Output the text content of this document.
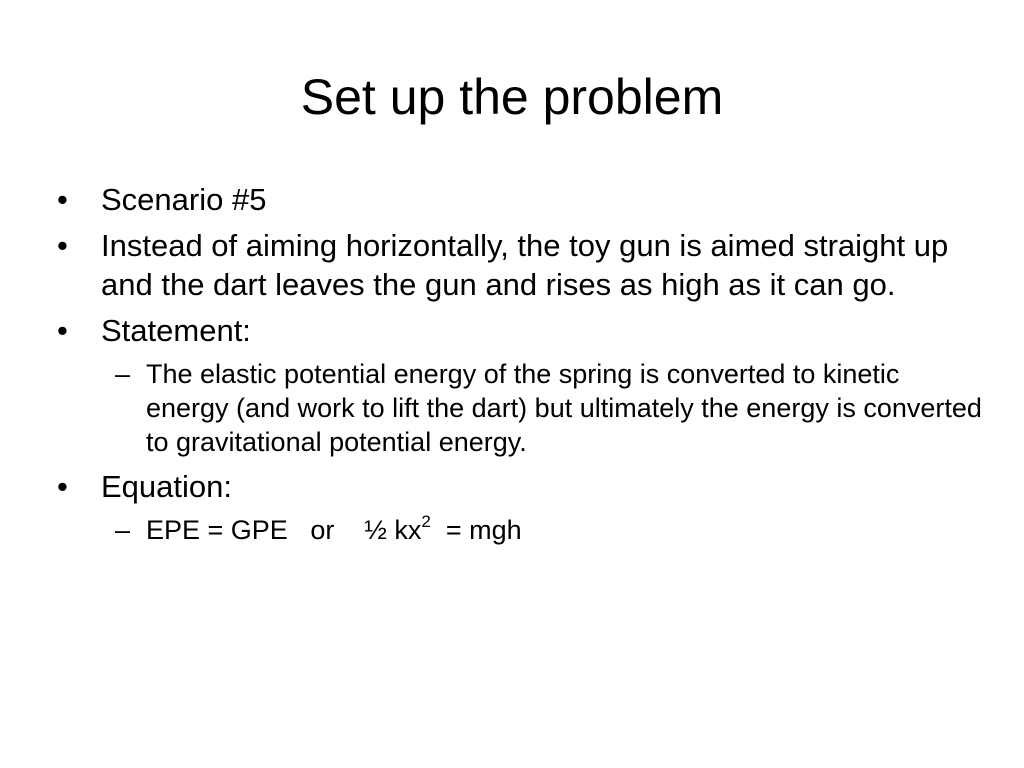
Set up the problem
•	Scenario #5
•	Instead of aiming horizontally, the toy gun is aimed straight up and the dart leaves the gun and rises as high as it can go.
•	Statement:
– The elastic potential energy of the spring is converted to kinetic energy (and work to lift the dart) but ultimately the energy is converted to gravitational potential energy.
•	Equation:
– EPE = GPE   or    ½ $kx^2$  = mgh
